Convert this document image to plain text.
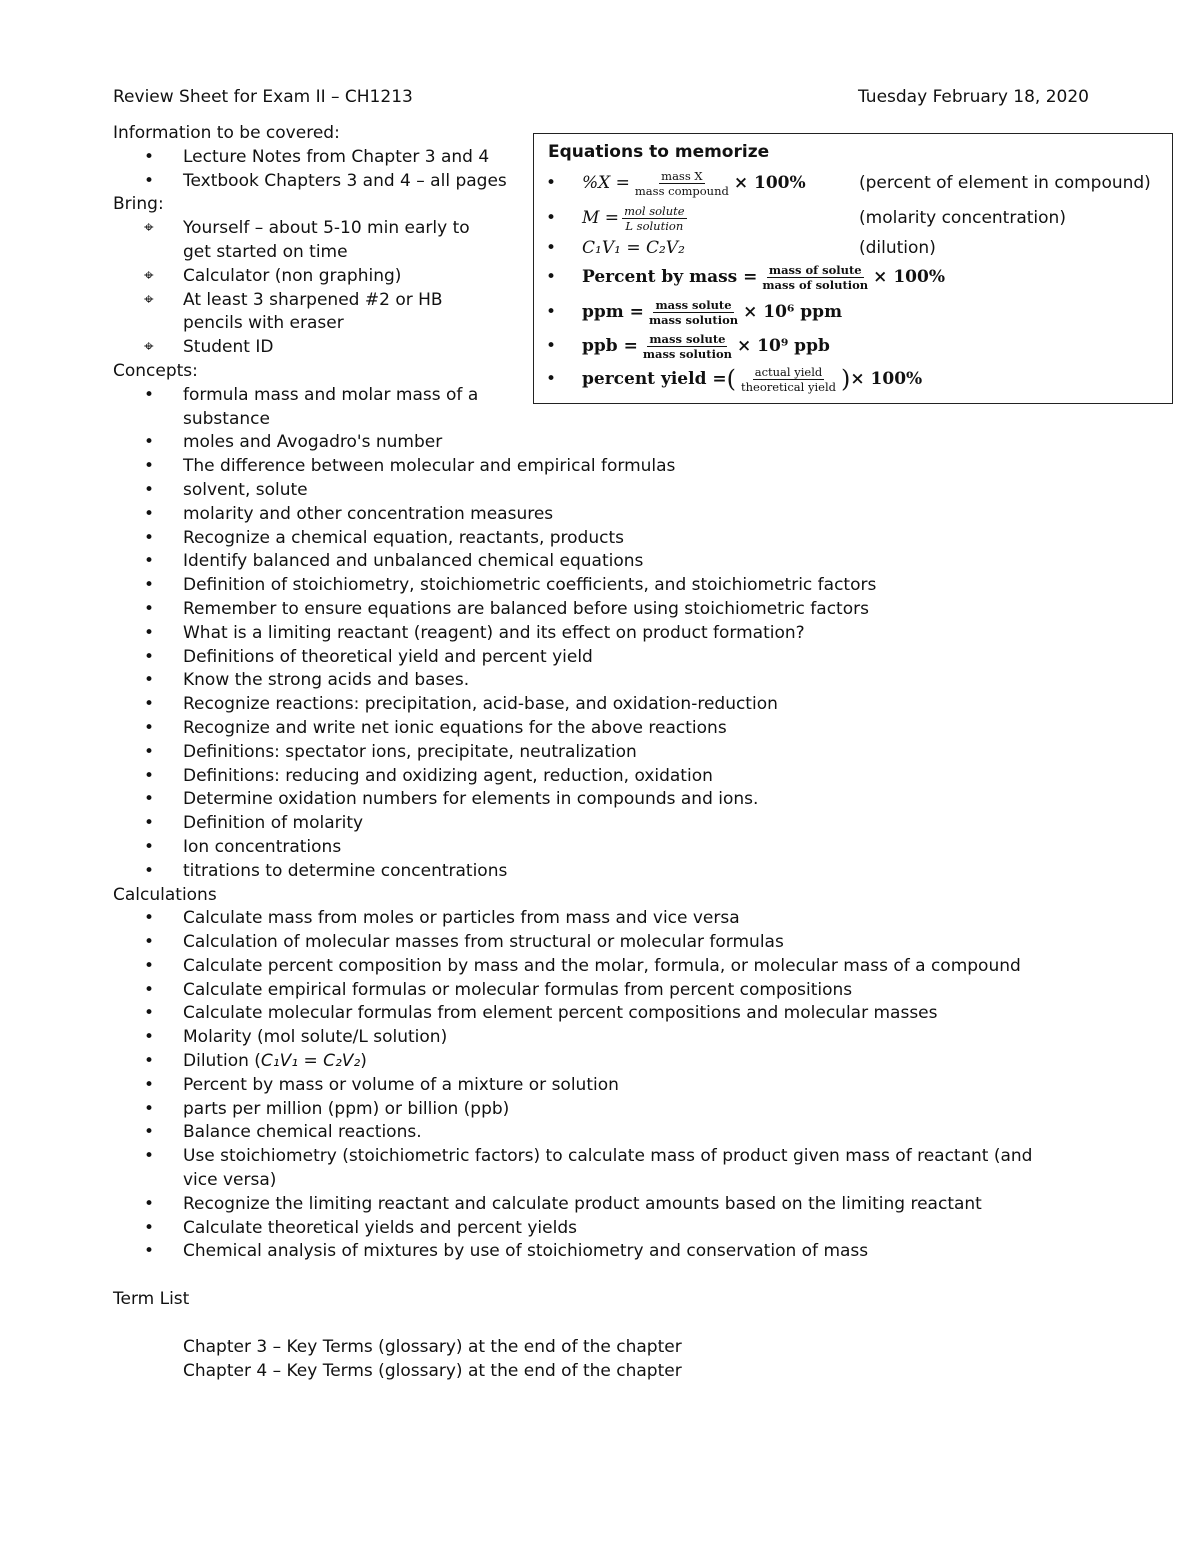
Review Sheet for Exam II – CH1213	Tuesday February 18, 2020
Information to be covered:
• Lecture Notes from Chapter 3 and 4
• Textbook Chapters 3 and 4 – all pages
Bring:
⌖ Yourself – about 5-10 min early to get started on time
⌖ Calculator (non graphing)
⌖ At least 3 sharpened #2 or HB pencils with eraser
⌖ Student ID
Concepts:
• formula mass and molar mass of a substance
• moles and Avogadro's number
• The difference between molecular and empirical formulas
• solvent, solute
• molarity and other concentration measures
• Recognize a chemical equation, reactants, products
• Identify balanced and unbalanced chemical equations
• Definition of stoichiometry, stoichiometric coefficients, and stoichiometric factors
• Remember to ensure equations are balanced before using stoichiometric factors
• What is a limiting reactant (reagent) and its effect on product formation?
• Definitions of theoretical yield and percent yield
• Know the strong acids and bases.
• Recognize reactions: precipitation, acid-base, and oxidation-reduction
• Recognize and write net ionic equations for the above reactions
• Definitions: spectator ions, precipitate, neutralization
• Definitions: reducing and oxidizing agent, reduction, oxidation
• Determine oxidation numbers for elements in compounds and ions.
• Definition of molarity
• Ion concentrations
• titrations to determine concentrations
Calculations
• Calculate mass from moles or particles from mass and vice versa
• Calculation of molecular masses from structural or molecular formulas
• Calculate percent composition by mass and the molar, formula, or molecular mass of a compound
• Calculate empirical formulas or molecular formulas from percent compositions
• Calculate molecular formulas from element percent compositions and molecular masses
• Molarity (mol solute/L solution)
• Dilution (C₁V₁ = C₂V₂)
• Percent by mass or volume of a mixture or solution
• parts per million (ppm) or billion (ppb)
• Balance chemical reactions.
• Use stoichiometry (stoichiometric factors) to calculate mass of product given mass of reactant (and vice versa)
• Recognize the limiting reactant and calculate product amounts based on the limiting reactant
• Calculate theoretical yields and percent yields
• Chemical analysis of mixtures by use of stoichiometry and conservation of mass
Term List
Chapter 3 – Key Terms (glossary) at the end of the chapter
Chapter 4 – Key Terms (glossary) at the end of the chapter
Equations to memorize
•	$\%X = \frac{\text{mass X}}{\text{mass compound}} \times 100\%$	(percent of element in compound)
•	$M = \frac{\text{mol solute}}{\text{L solution}}$	(molarity concentration)
•	C₁V₁ = C₂V₂	(dilution)
•	Percent by mass = $\frac{\text{mass of solute}}{\text{mass of solution}} \times 100\%$
•	ppm = $\frac{\text{mass solute}}{\text{mass solution}} \times 10^6$ ppm
•	ppb = $\frac{\text{mass solute}}{\text{mass solution}} \times 10^9$ ppb
•	percent yield = ( $\frac{\text{actual yield}}{\text{theoretical yield}}$ ) × 100%
